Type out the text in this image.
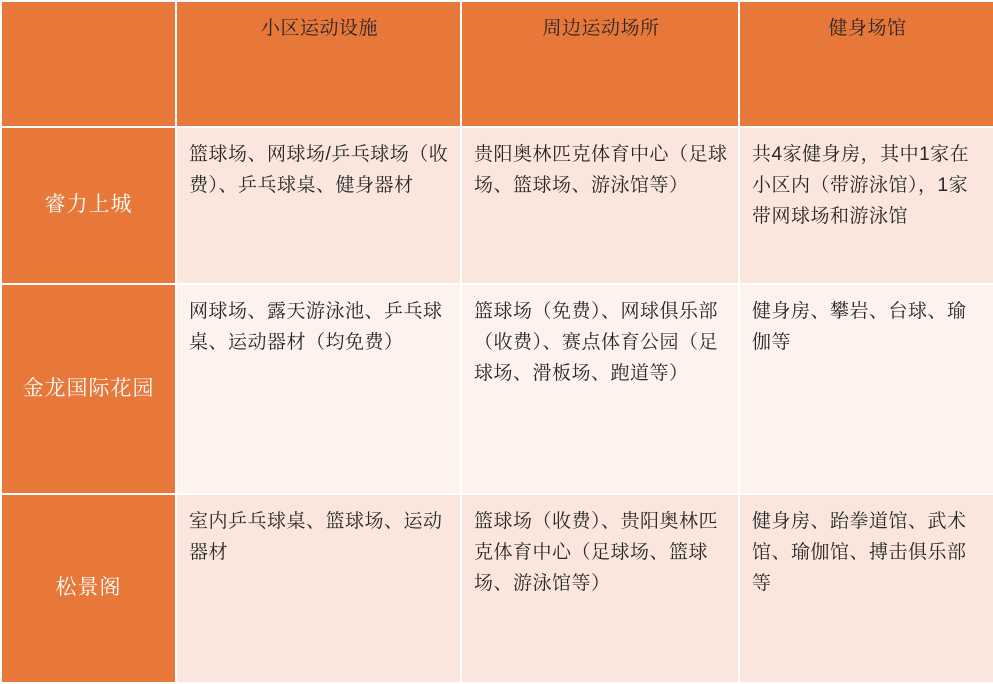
	小区运动设施	周边运动场所	健身场馆
睿力上城	篮球场、网球场/乒乓球场（收费）、乒乓球桌、健身器材	贵阳奥林匹克体育中心（足球场、篮球场、游泳馆等）	共4家健身房，其中1家在小区内（带游泳馆），1家带网球场和游泳馆
金龙国际花园	网球场、露天游泳池、乒乓球桌、运动器材（均免费）	篮球场（免费）、网球俱乐部（收费）、赛点体育公园（足球场、滑板场、跑道等）	健身房、攀岩、台球、瑜伽等
松景阁	室内乒乓球桌、篮球场、运动器材	篮球场（收费）、贵阳奥林匹克体育中心（足球场、篮球场、游泳馆等）	健身房、跆拳道馆、武术馆、瑜伽馆、搏击俱乐部等
